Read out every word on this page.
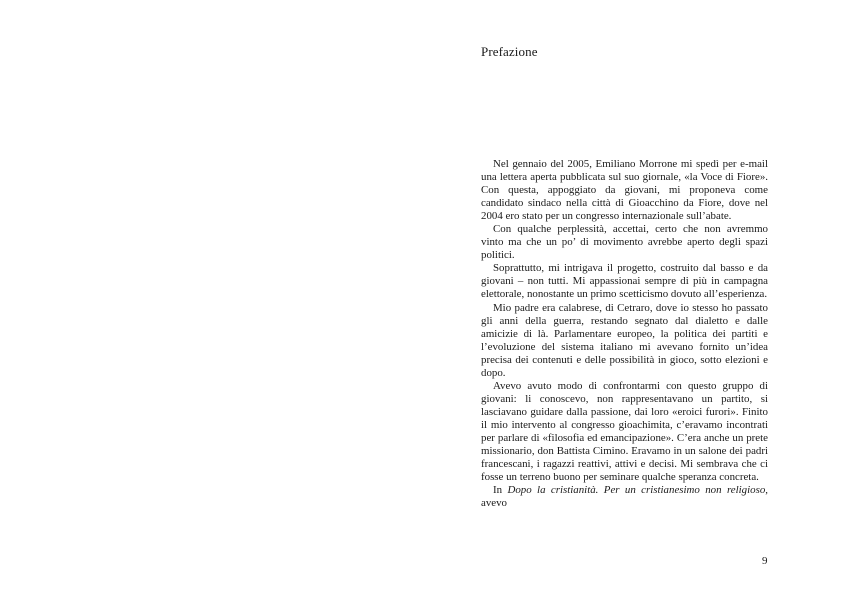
Prefazione

Nel gennaio del 2005, Emiliano Morrone mi spedì per e-mail una lettera aperta pubblicata sul suo giornale, «la Voce di Fiore». Con questa, appoggiato da giovani, mi proponeva come candidato sindaco nella città di Gioacchino da Fiore, dove nel 2004 ero stato per un congresso internazionale sull’abate.

Con qualche perplessità, accettai, certo che non avremmo vinto ma che un po’ di movimento avrebbe aperto degli spazi politici.

Soprattutto, mi intrigava il progetto, costruito dal basso e da giovani – non tutti. Mi appassionai sempre di più in campagna elettorale, nonostante un primo scetticismo dovuto all’esperienza.

Mio padre era calabrese, di Cetraro, dove io stesso ho passato gli anni della guerra, restando segnato dal dialetto e dalle amicizie di là. Parlamentare europeo, la politica dei partiti e l’evoluzione del sistema italiano mi avevano fornito un’idea precisa dei contenuti e delle possibilità in gioco, sotto elezioni e dopo.

Avevo avuto modo di confrontarmi con questo gruppo di giovani: li conoscevo, non rappresentavano un partito, si lasciavano guidare dalla passione, dai loro «eroici furori». Finito il mio intervento al congresso gioachimita, c’eravamo incontrati per parlare di «filosofia ed emancipazione». C’era anche un prete missionario, don Battista Cimino. Eravamo in un salone dei padri francescani, i ragazzi reattivi, attivi e decisi. Mi sembrava che ci fosse un terreno buono per seminare qualche speranza concreta.

In Dopo la cristianità. Per un cristianesimo non religioso, avevo

9
